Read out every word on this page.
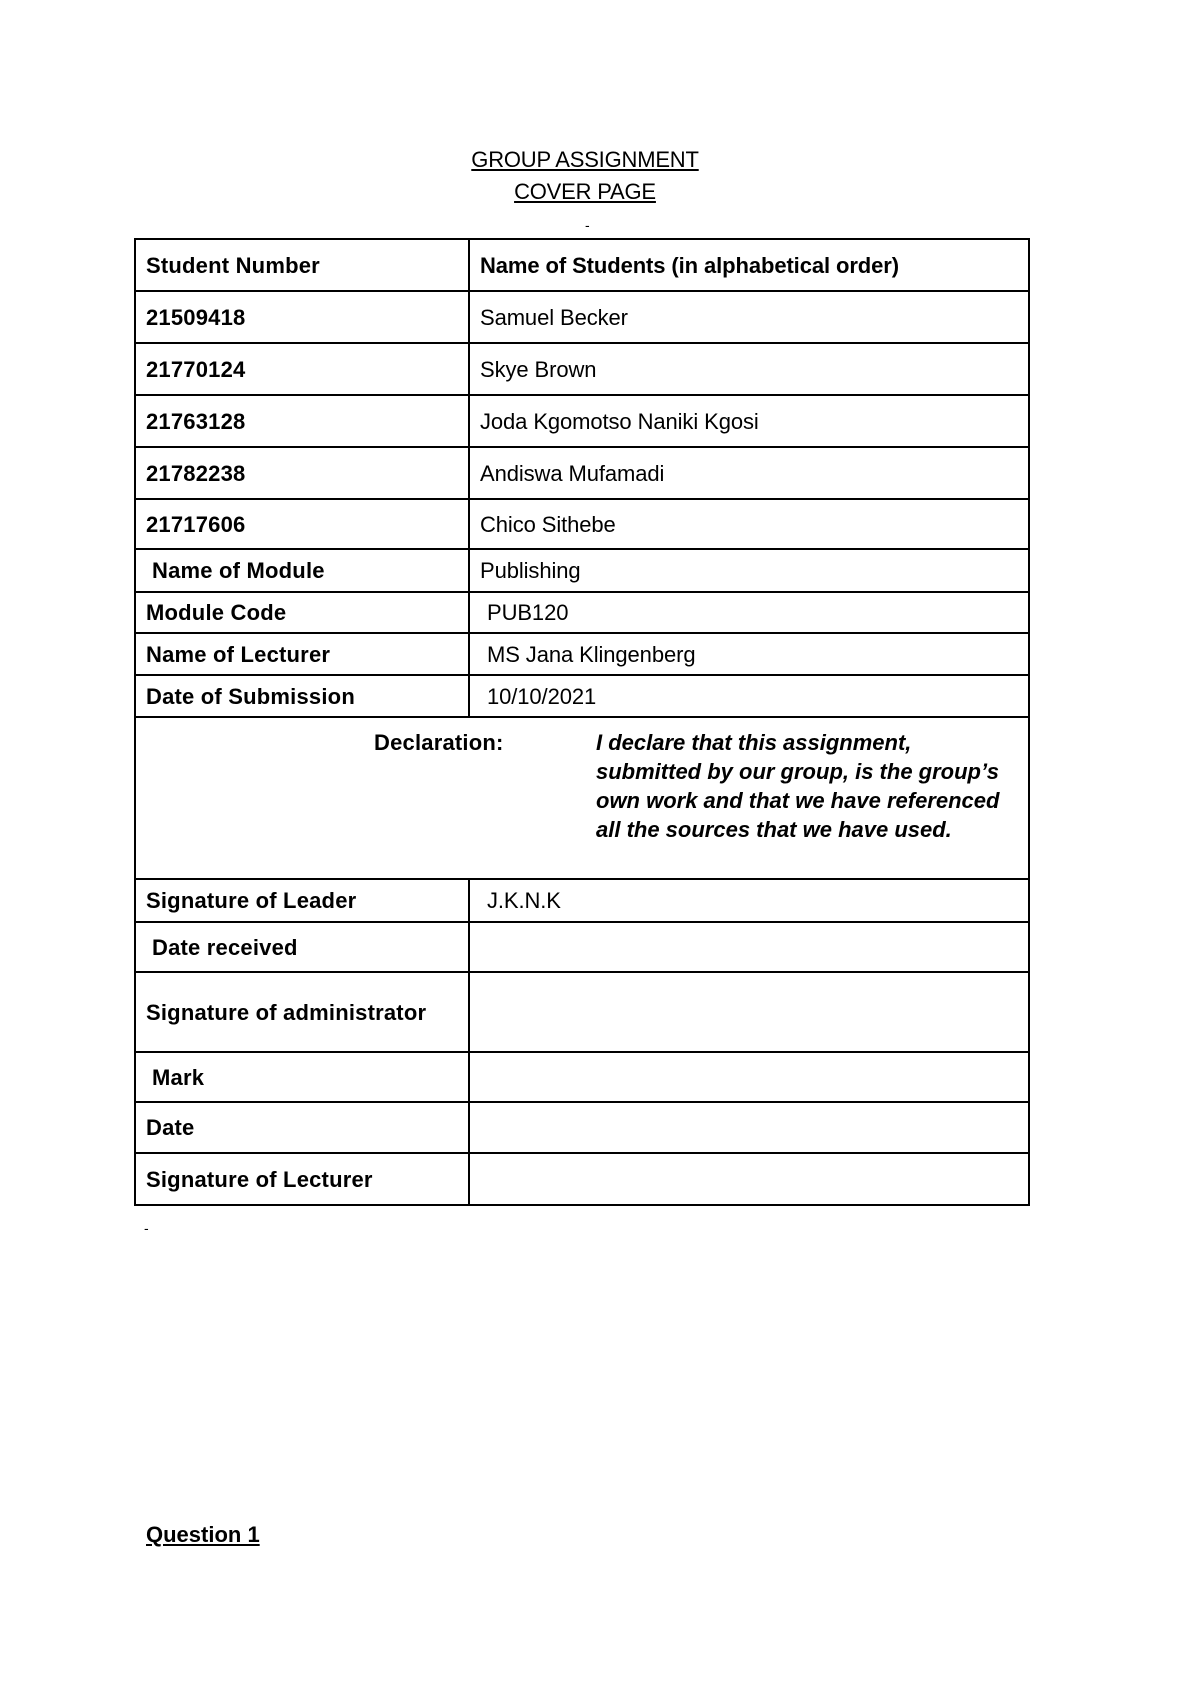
GROUP ASSIGNMENT
COVER PAGE
-
Student Number	Name of Students (in alphabetical order)
21509418	Samuel Becker
21770124	Skye Brown
21763128	Joda Kgomotso Naniki Kgosi
21782238	Andiswa Mufamadi
21717606	Chico Sithebe
Name of Module	Publishing
Module Code	PUB120
Name of Lecturer	MS Jana Klingenberg
Date of Submission	10/10/2021

Declaration: I declare that this assignment, submitted by our group, is the group’s own work and that we have referenced all the sources that we have used.	

Signature of Leader	J.K.N.K
Date received	
Signature of administrator	
Mark	
Date	
Signature of Lecturer	
-
Question 1
